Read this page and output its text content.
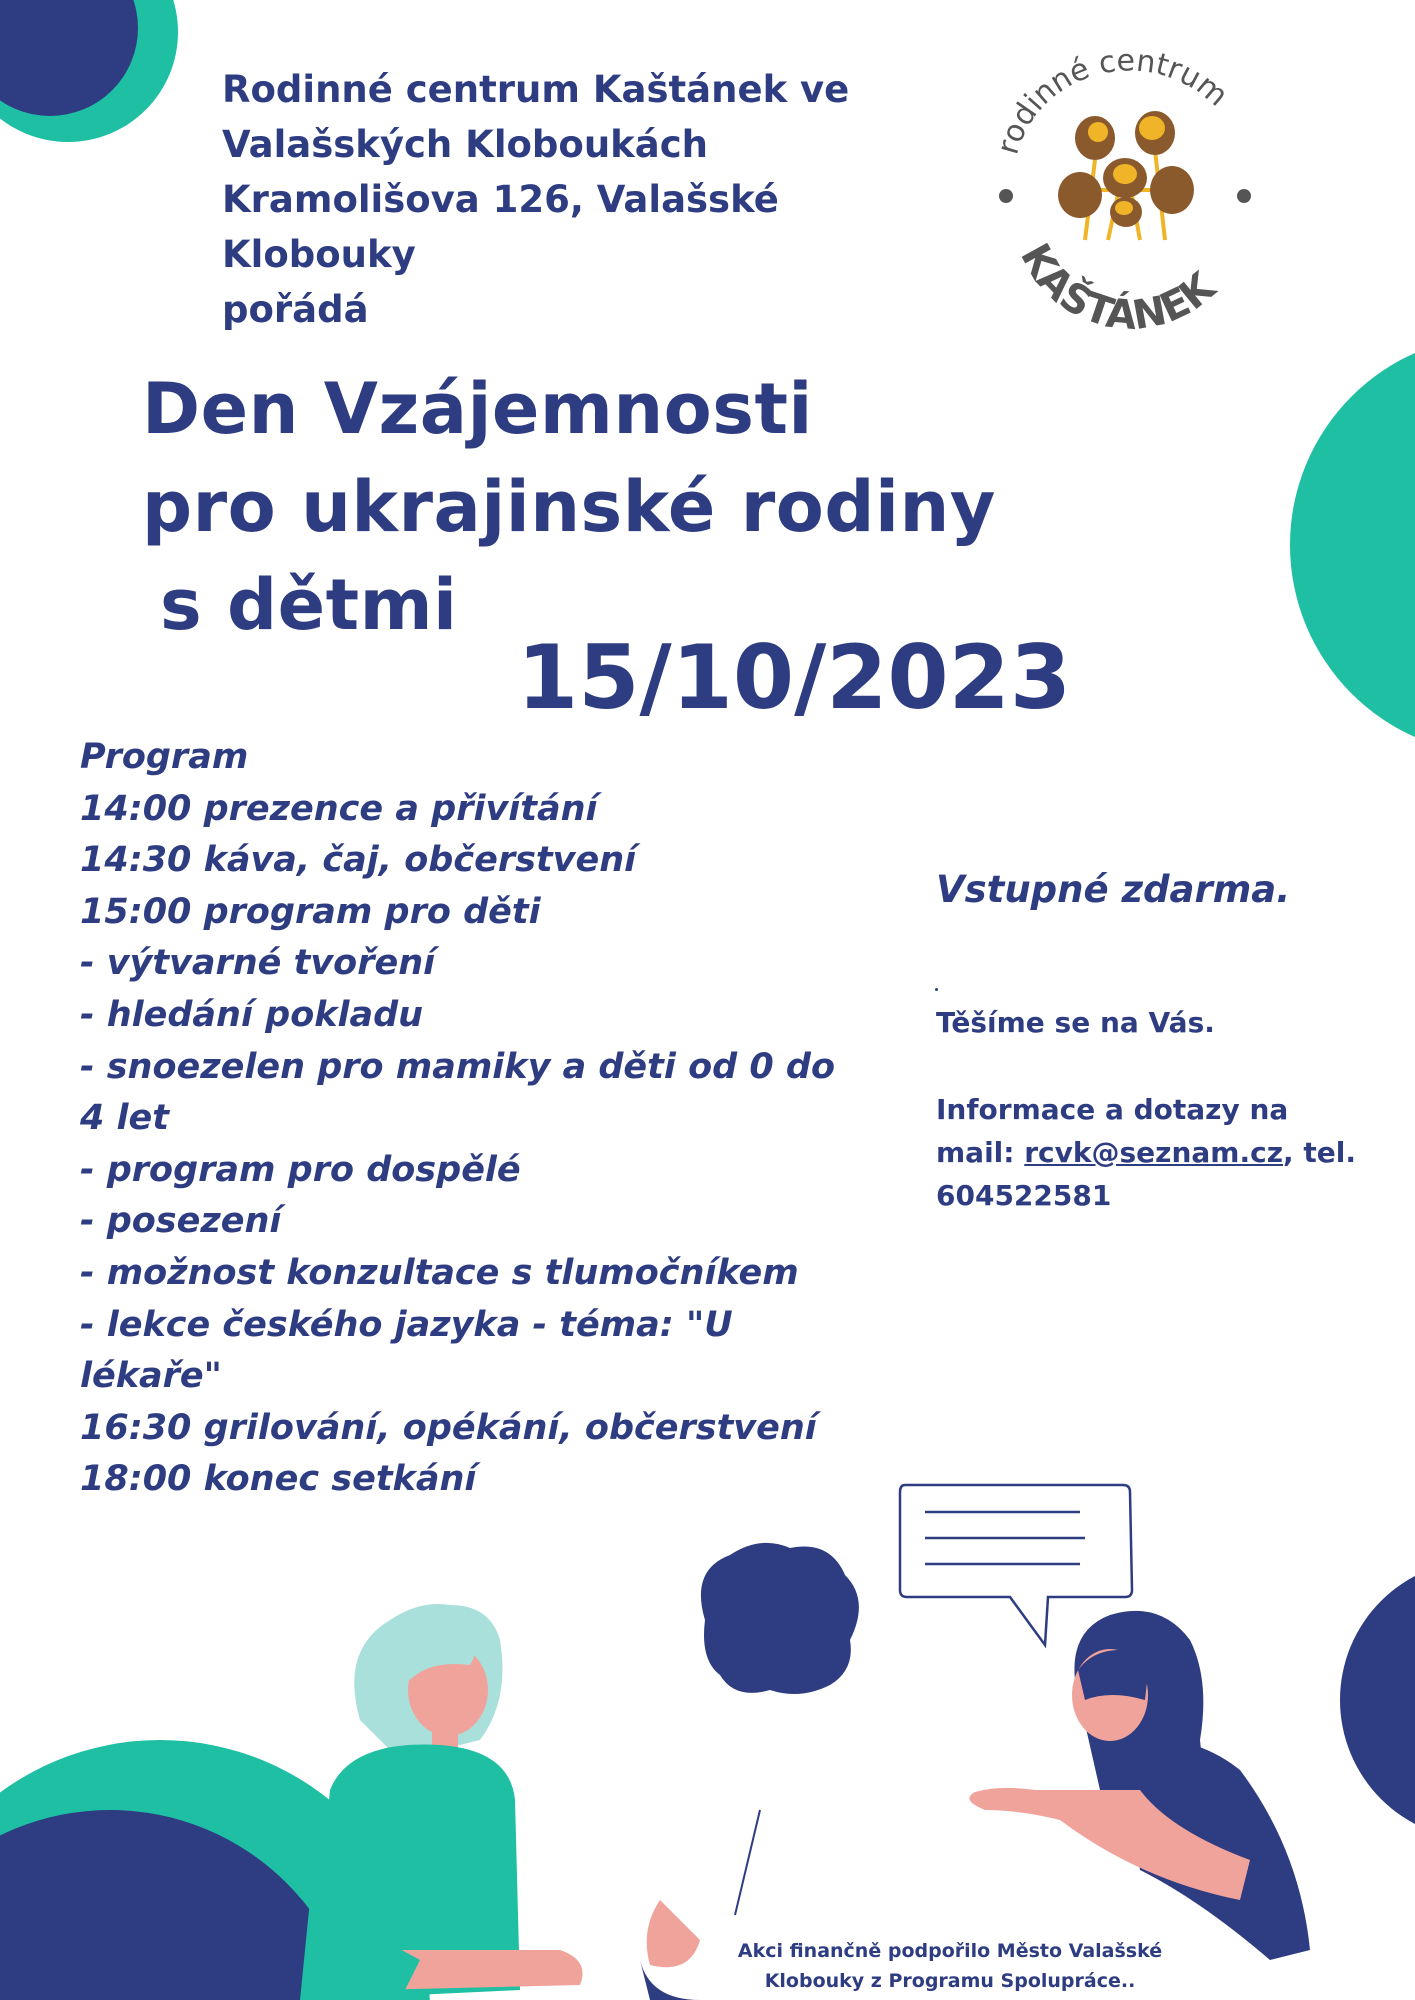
rodinné centrum
KAŠTÁNEK
Rodinné centrum Kaštánek ve
Valašských Kloboukách
Kramolišova 126, Valašské
Klobouky
pořádá
Den Vzájemnosti
pro ukrajinské rodiny
s dětmi
15/10/2023
Program
14:00 prezence a přivítání
14:30 káva, čaj, občerstvení
15:00 program pro děti
- výtvarné tvoření
- hledání pokladu
- snoezelen pro mamiky a děti od 0 do
4 let
- program pro dospělé
- posezení
- možnost konzultace s tlumočníkem
- lekce českého jazyka - téma: "U
lékaře"
16:30 grilování, opékání, občerstvení
18:00 konec setkání
Vstupné zdarma.
Těšíme se na Vás.
Informace a dotazy na
mail: rcvk@seznam.cz, tel.
604522581
Akci finančně podpořilo Město Valašské
Klobouky z Programu Spolupráce..
